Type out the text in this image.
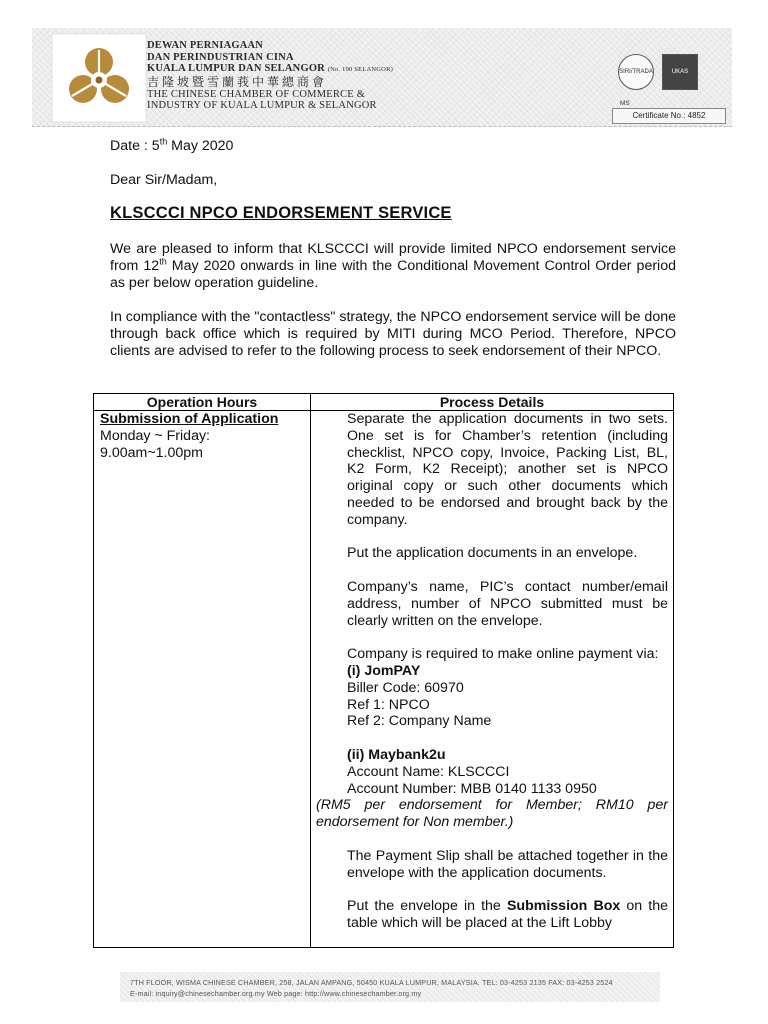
DEWAN PERNIAGAAN
DAN PERINDUSTRIAN CINA
KUALA LUMPUR DAN SELANGOR (No. 190 SELANGOR)
吉隆坡暨雪蘭莪中華總商會
THE CHINESE CHAMBER OF COMMERCE &
INDUSTRY OF KUALA LUMPUR & SELANGOR
SIRI/TRADA	UKAS
MS
Certificate No.: 4852
Date : 5th May 2020
Dear Sir/Madam,
KLSCCCI NPCO ENDORSEMENT SERVICE

We are pleased to inform that KLSCCCI will provide limited NPCO endorsement service from 12th May 2020 onwards in line with the Conditional Movement Control Order period as per below operation guideline.

In compliance with the "contactless" strategy, the NPCO endorsement service will be done through back office which is required by MITI during MCO Period. Therefore, NPCO clients are advised to refer to the following process to seek endorsement of their NPCO.

Operation Hours	Process Details
Submission of Application
Monday ~ Friday:
9.00am~1.00pm

Separate the application documents in two sets. One set is for Chamber’s retention (including checklist, NPCO copy, Invoice, Packing List, BL, K2 Form, K2 Receipt); another set is NPCO original copy or such other documents which needed to be endorsed and brought back by the company.

Put the application documents in an envelope.

Company’s name, PIC’s contact number/email address, number of NPCO submitted must be clearly written on the envelope.

Company is required to make online payment via:

(i) JomPAY

Biller Code: 60970

Ref 1: NPCO

Ref 2: Company Name

(ii) Maybank2u

Account Name: KLSCCCI

Account Number: MBB 0140 1133 0950

(RM5 per endorsement for Member; RM10 per endorsement for Non member.)

The Payment Slip shall be attached together in the envelope with the application documents.

Put the envelope in the Submission Box on the table which will be placed at the Lift Lobby

7TH FLOOR, WISMA CHINESE CHAMBER, 258, JALAN AMPANG, 50450 KUALA LUMPUR, MALAYSIA. TEL: 03-4253 2135 FAX: 03-4253 2524
E-mail: inquiry@chinesechamber.org.my Web page: http://www.chinesechamber.org.my
